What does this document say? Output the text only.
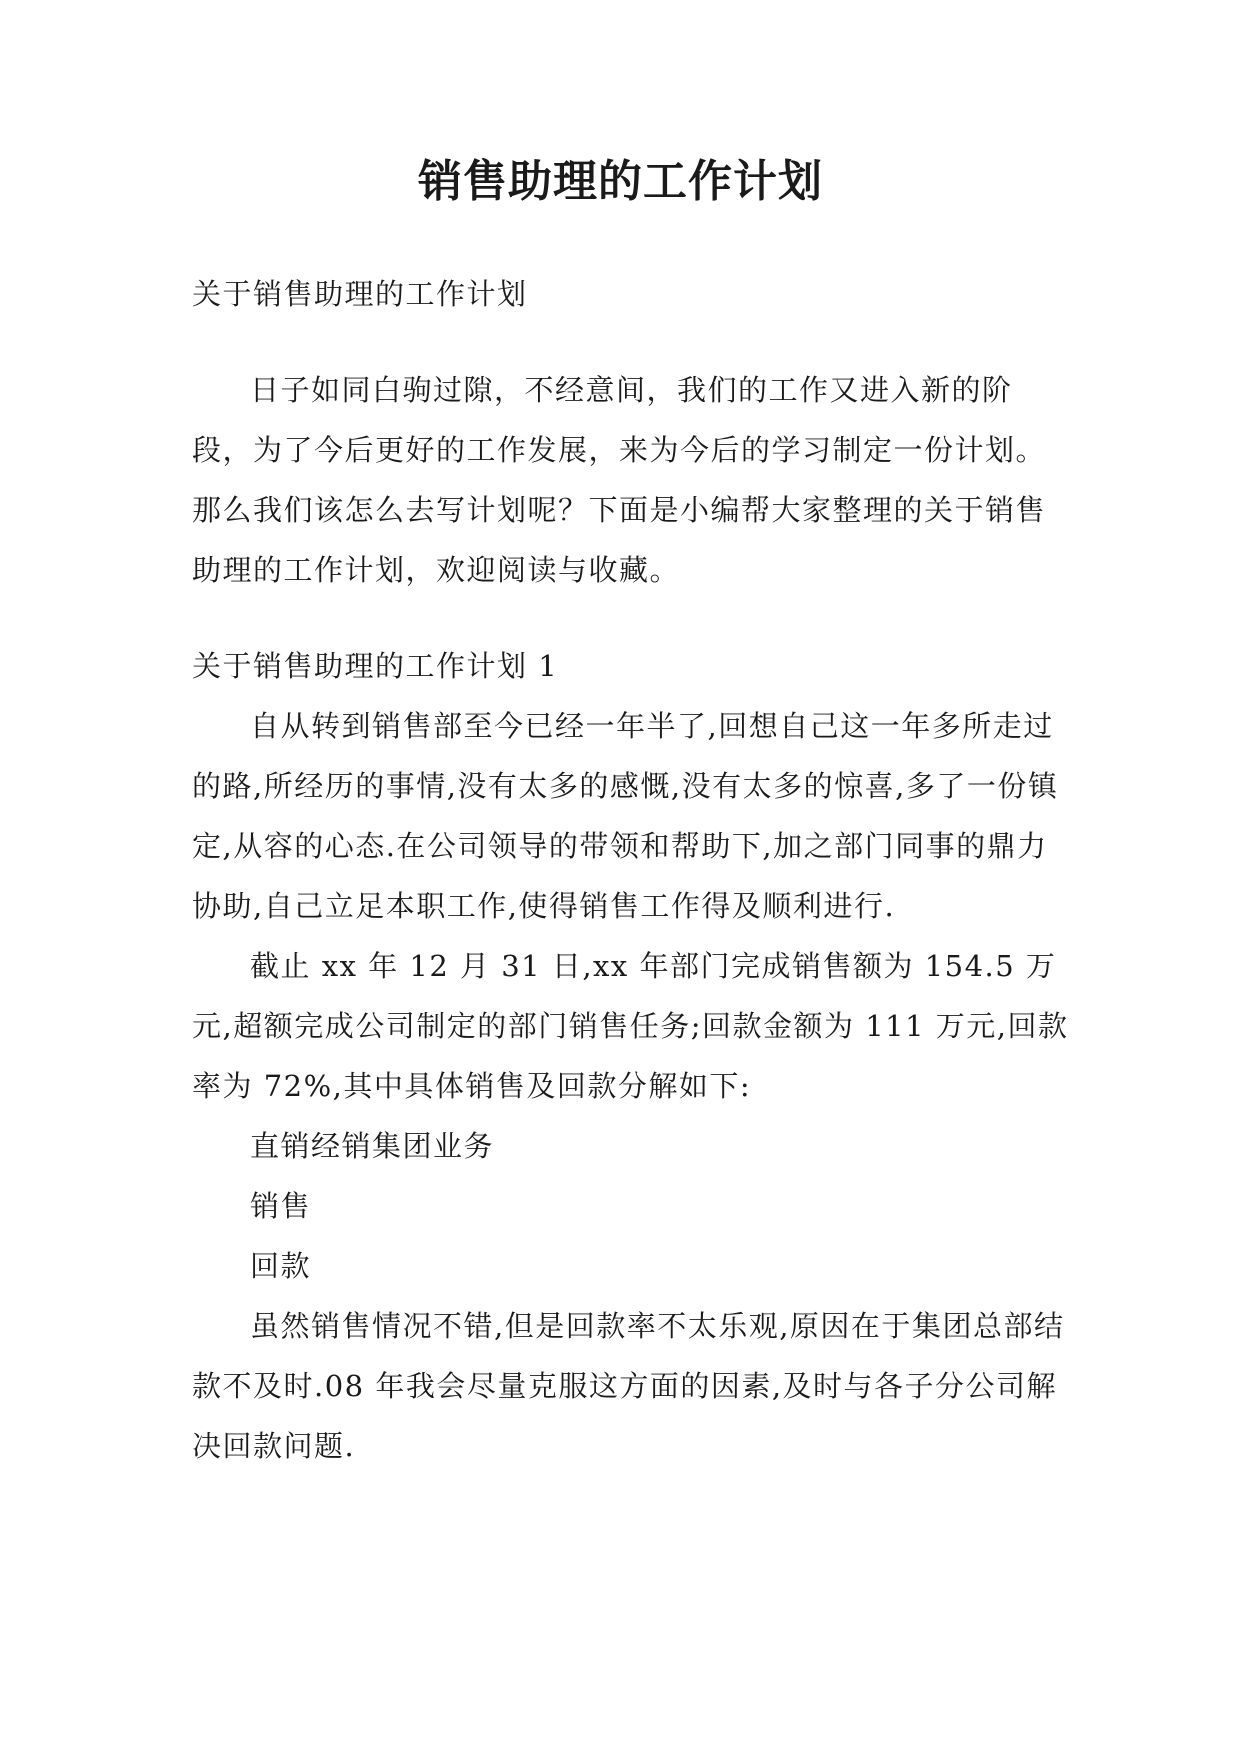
销售助理的工作计划

关于销售助理的工作计划

日子如同白驹过隙，不经意间，我们的工作又进入新的阶段，为了今后更好的工作发展，来为今后的学习制定一份计划。那么我们该怎么去写计划呢？下面是小编帮大家整理的关于销售助理的工作计划，欢迎阅读与收藏。

关于销售助理的工作计划 1

自从转到销售部至今已经一年半了,回想自己这一年多所走过的路,所经历的事情,没有太多的感慨,没有太多的惊喜,多了一份镇定,从容的心态.在公司领导的带领和帮助下,加之部门同事的鼎力协助,自己立足本职工作,使得销售工作得及顺利进行.

截止 xx 年 12 月 31 日,xx 年部门完成销售额为 154.5 万元,超额完成公司制定的部门销售任务;回款金额为 111 万元,回款率为 72%,其中具体销售及回款分解如下:

直销经销集团业务

销售

回款

虽然销售情况不错,但是回款率不太乐观,原因在于集团总部结款不及时.08 年我会尽量克服这方面的因素,及时与各子分公司解决回款问题.
